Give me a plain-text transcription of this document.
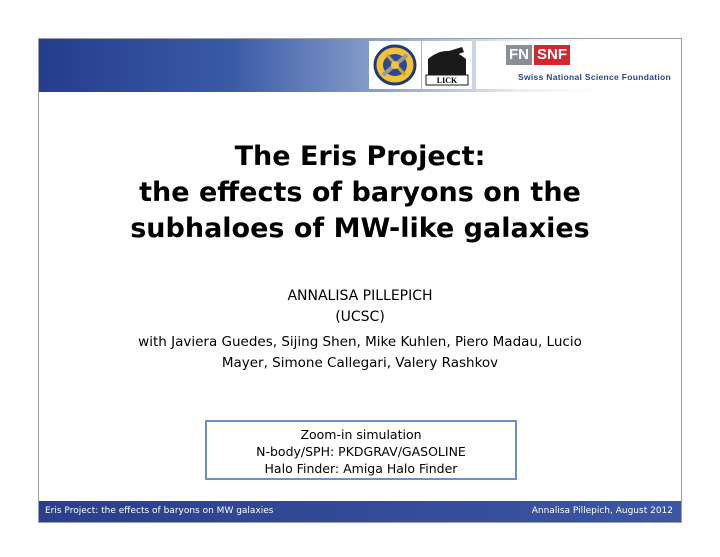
LICK
FN SNF
Swiss National Science Foundation
The Eris Project:
the effects of baryons on the
subhaloes of MW-like galaxies
ANNALISA PILLEPICH
(UCSC)
with Javiera Guedes, Sijing Shen, Mike Kuhlen, Piero Madau, Lucio
Mayer, Simone Callegari, Valery Rashkov
Zoom-in simulation
N-body/SPH: PKDGRAV/GASOLINE
Halo Finder: Amiga Halo Finder
Eris Project: the effects of baryons on MW galaxies	Annalisa Pillepich, August 2012
